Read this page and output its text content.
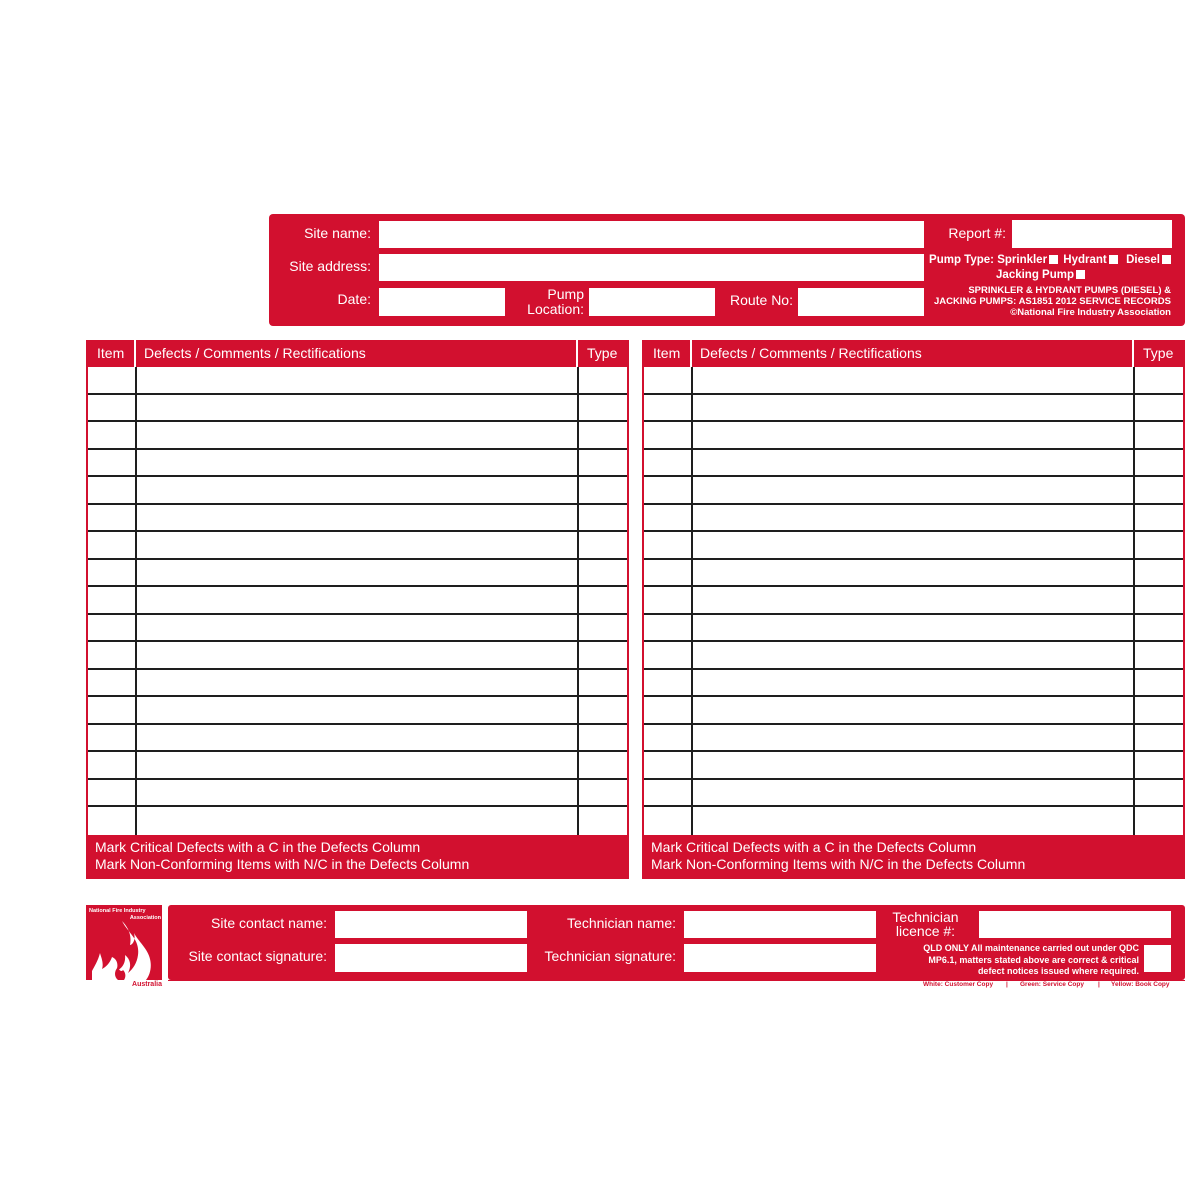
Site name:
Site address:
Date:	Pump
Location:
Route No:
Report #:
Pump Type: Sprinkler Hydrant Diesel
Jacking Pump
SPRINKLER & HYDRANT PUMPS (DIESEL) &
JACKING PUMPS: AS1851 2012 SERVICE RECORDS
©National Fire Industry Association
Item Defects / Comments / Rectifications	Type
Mark Critical Defects with a C in the Defects Column
Mark Non-Conforming Items with N/C in the Defects Column
Item Defects / Comments / Rectifications	Type
Mark Critical Defects with a C in the Defects Column
Mark Non-Conforming Items with N/C in the Defects Column
National Fire Industry
Association
Australia
Site contact name:
Site contact signature:
Technician name:
Technician signature:
Technician
licence #:
QLD ONLY All maintenance carried out under QDC
MP6.1, matters stated above are correct & critical
defect notices issued where required.
White: Customer Copy | Green: Service Copy | Yellow: Book Copy
